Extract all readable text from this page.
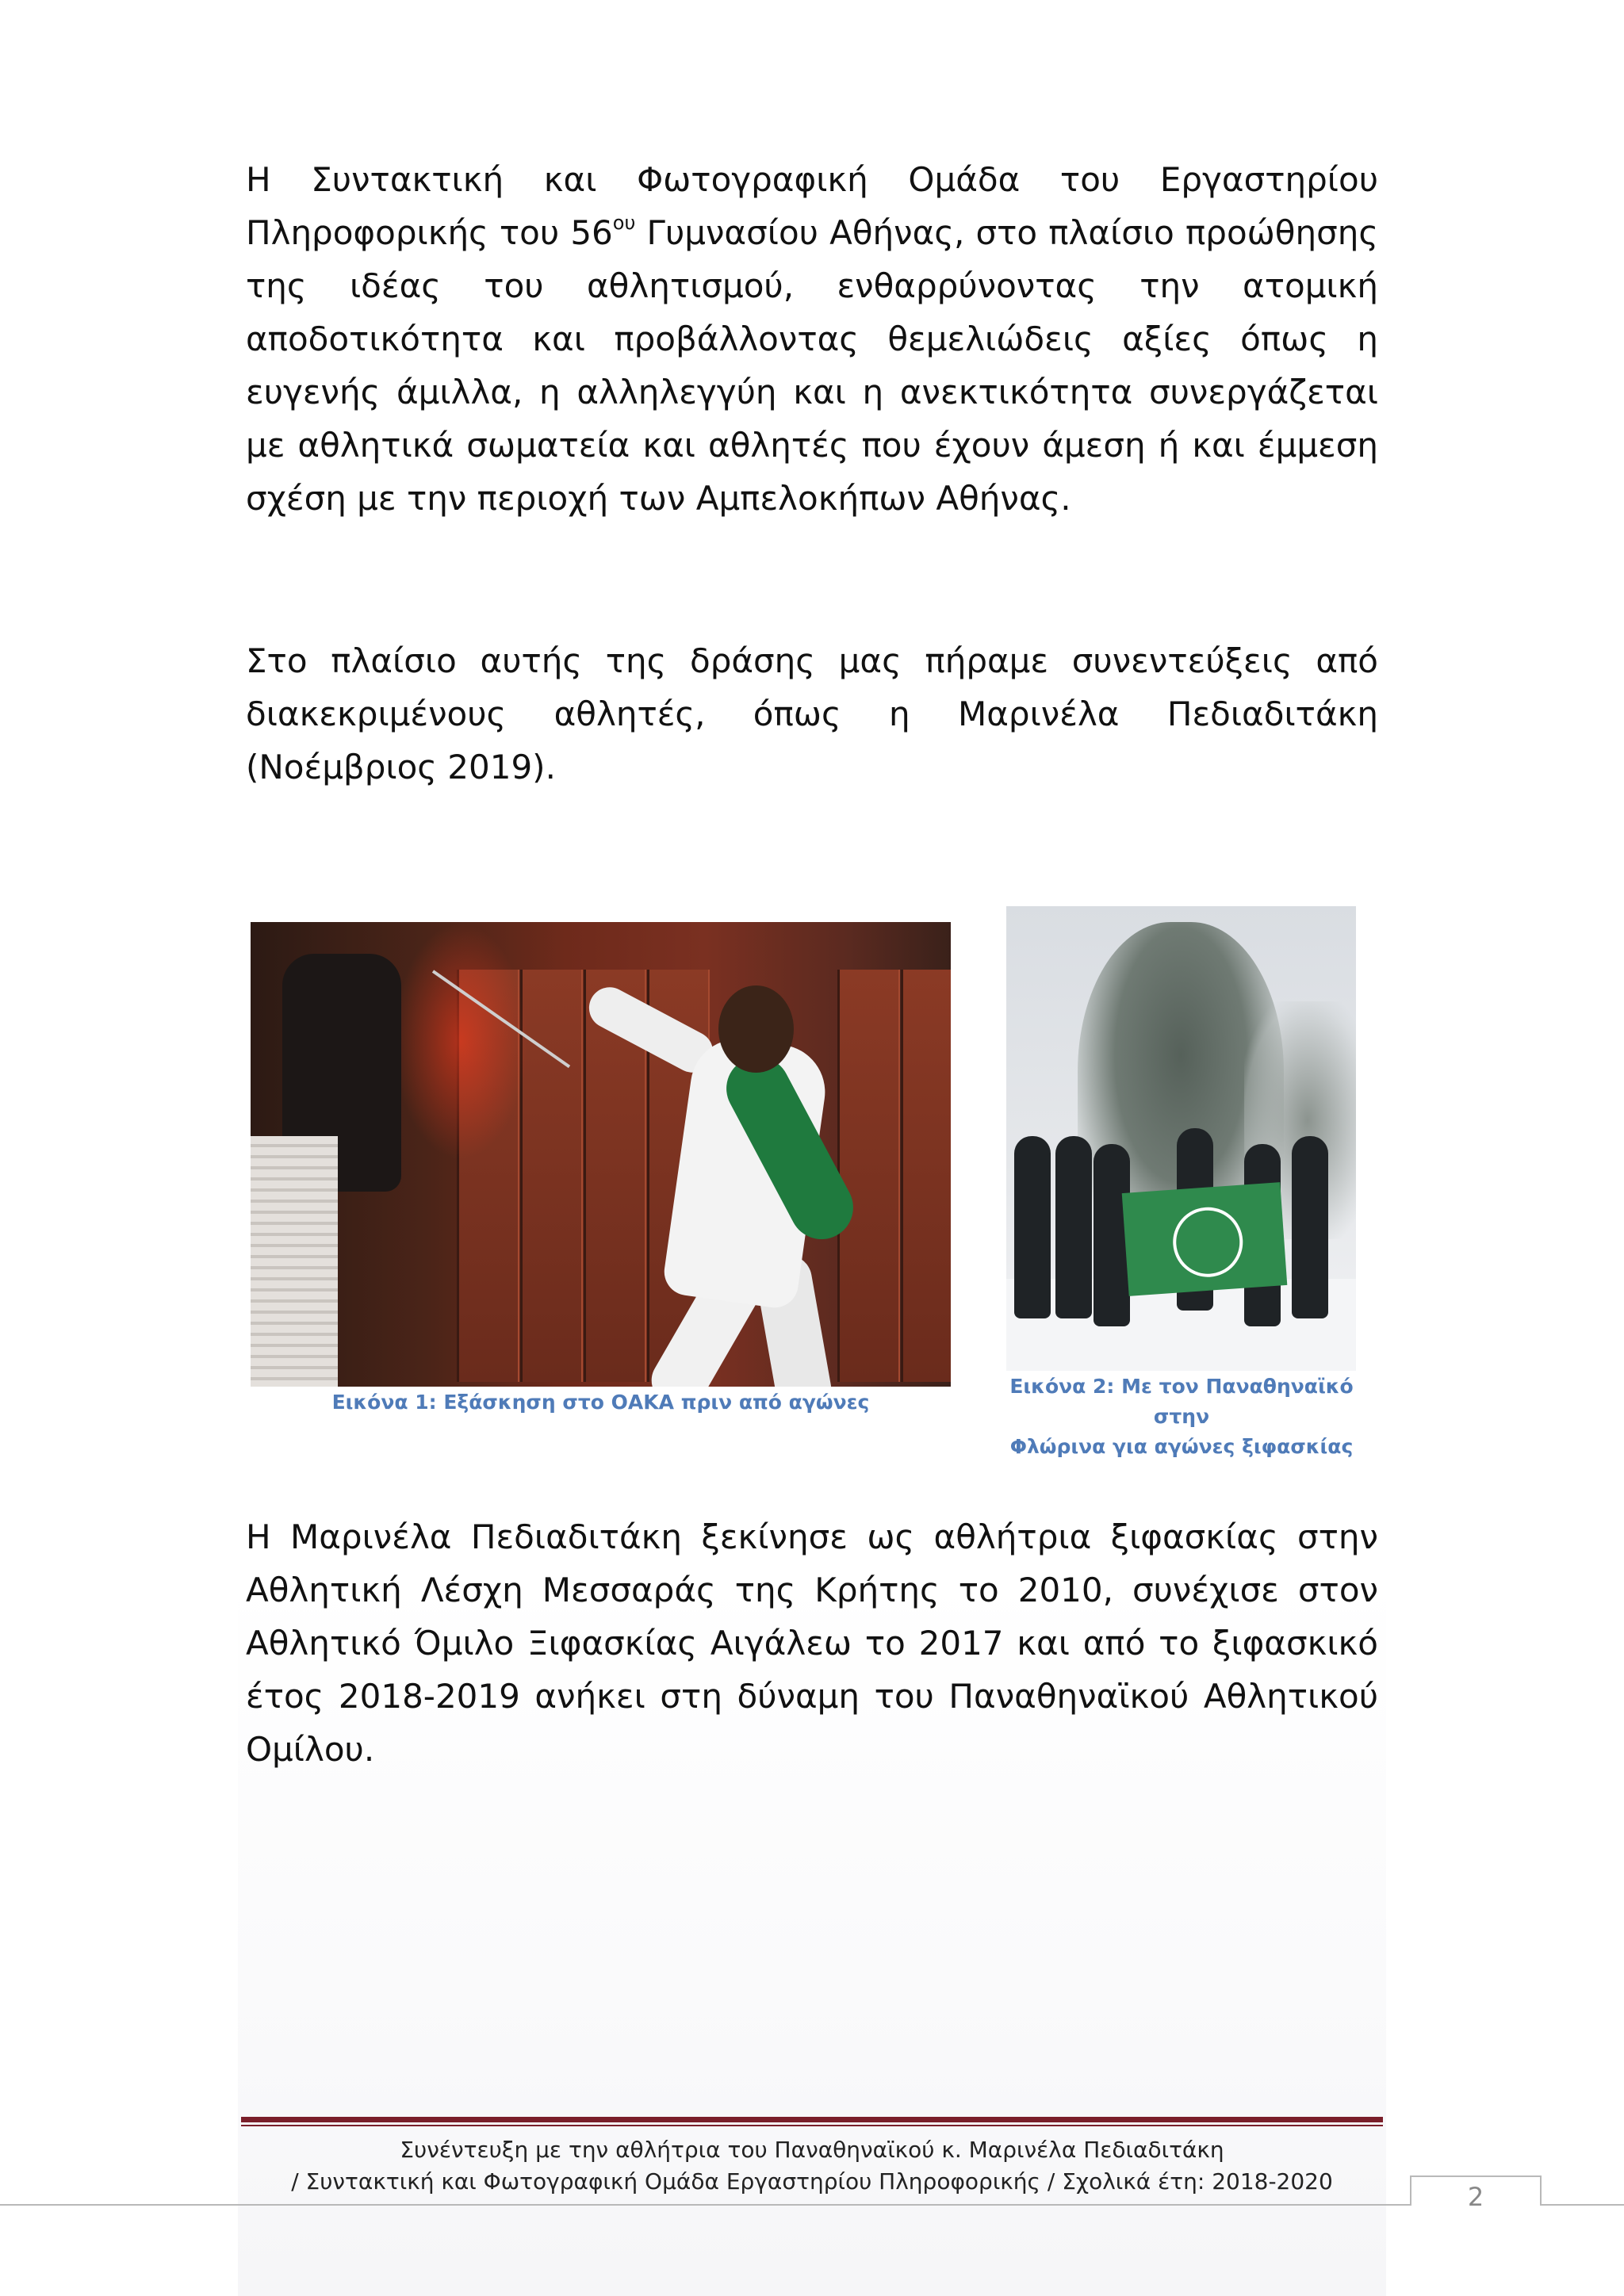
Η Συντακτική και Φωτογραφική Ομάδα του Εργαστηρίου Πληροφορικής του $56^{o\upsilon}$ Γυμνασίου Αθήνας, στο πλαίσιο προώθησης της ιδέας του αθλητισμού, ενθαρρύνοντας την ατομική αποδοτικότητα και προβάλλοντας θεμελιώδεις αξίες όπως η ευγενής άμιλλα, η αλληλεγγύη και η ανεκτικότητα συνεργάζεται με αθλητικά σωματεία και αθλητές που έχουν άμεση ή και έμμεση σχέση με την περιοχή των Αμπελοκήπων Αθήνας.

Στο πλαίσιο αυτής της δράσης μας πήραμε συνεντεύξεις από διακεκριμένους αθλητές, όπως η Μαρινέλα Πεδιαδιτάκη (Νοέμβριος 2019).

Εικόνα 1: Εξάσκηση στο ΟΑΚΑ πριν από αγώνες
Εικόνα 2: Με τον Παναθηναϊκό στην
Φλώρινα για αγώνες ξιφασκίας

Η Μαρινέλα Πεδιαδιτάκη ξεκίνησε ως αθλήτρια ξιφασκίας στην Αθλητική Λέσχη Μεσσαράς της Κρήτης το 2010, συνέχισε στον Αθλητικό Όμιλο Ξιφασκίας Αιγάλεω το 2017 και από το ξιφασκικό έτος 2018-2019 ανήκει στη δύναμη του Παναθηναϊκού Αθλητικού Ομίλου.

Συνέντευξη με την αθλήτρια του Παναθηναϊκού κ. Μαρινέλα Πεδιαδιτάκη
/ Συντακτική και Φωτογραφική Ομάδα Εργαστηρίου Πληροφορικής / Σχολικά έτη: 2018-2020
2
